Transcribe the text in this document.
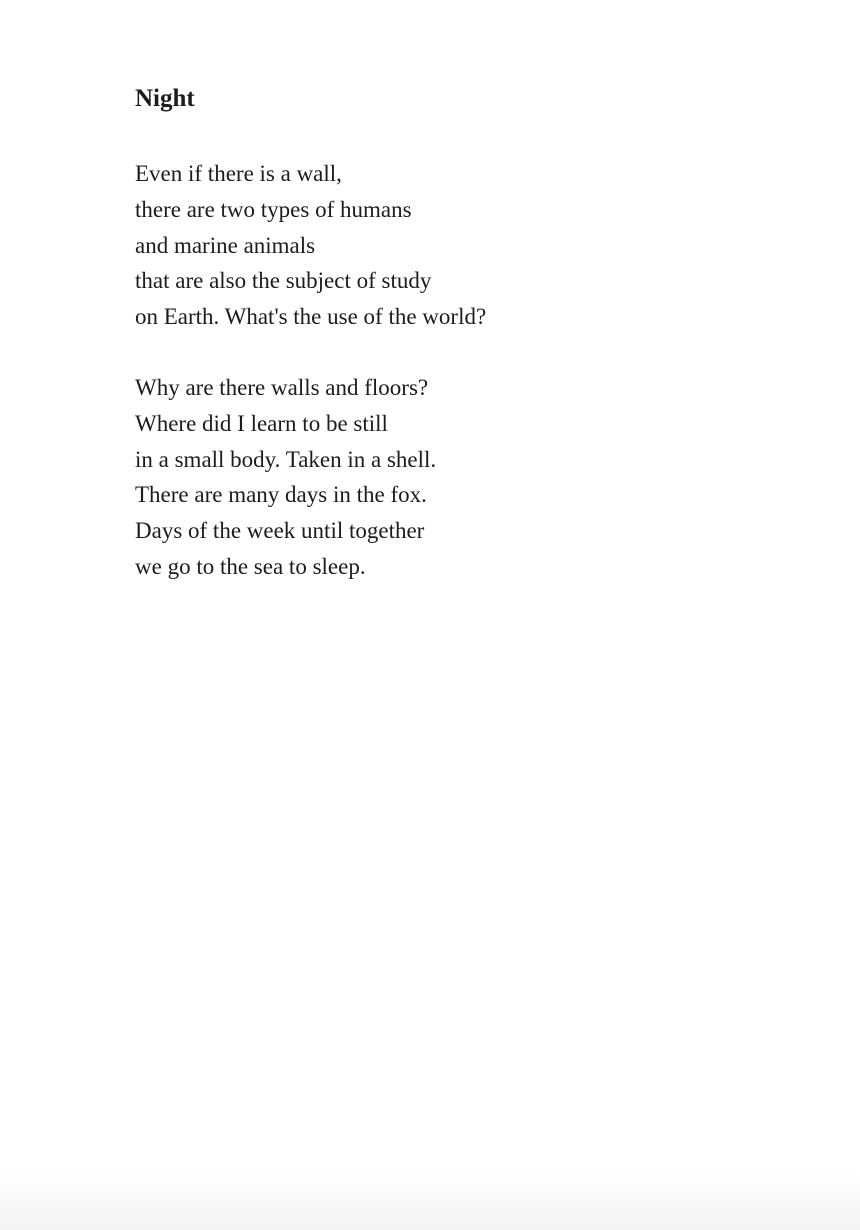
Night
Even if there is a wall,
there are two types of humans
and marine animals
that are also the subject of study
on Earth. What's the use of the world?
Why are there walls and floors?
Where did I learn to be still
in a small body. Taken in a shell.
There are many days in the fox.
Days of the week until together
we go to the sea to sleep.
